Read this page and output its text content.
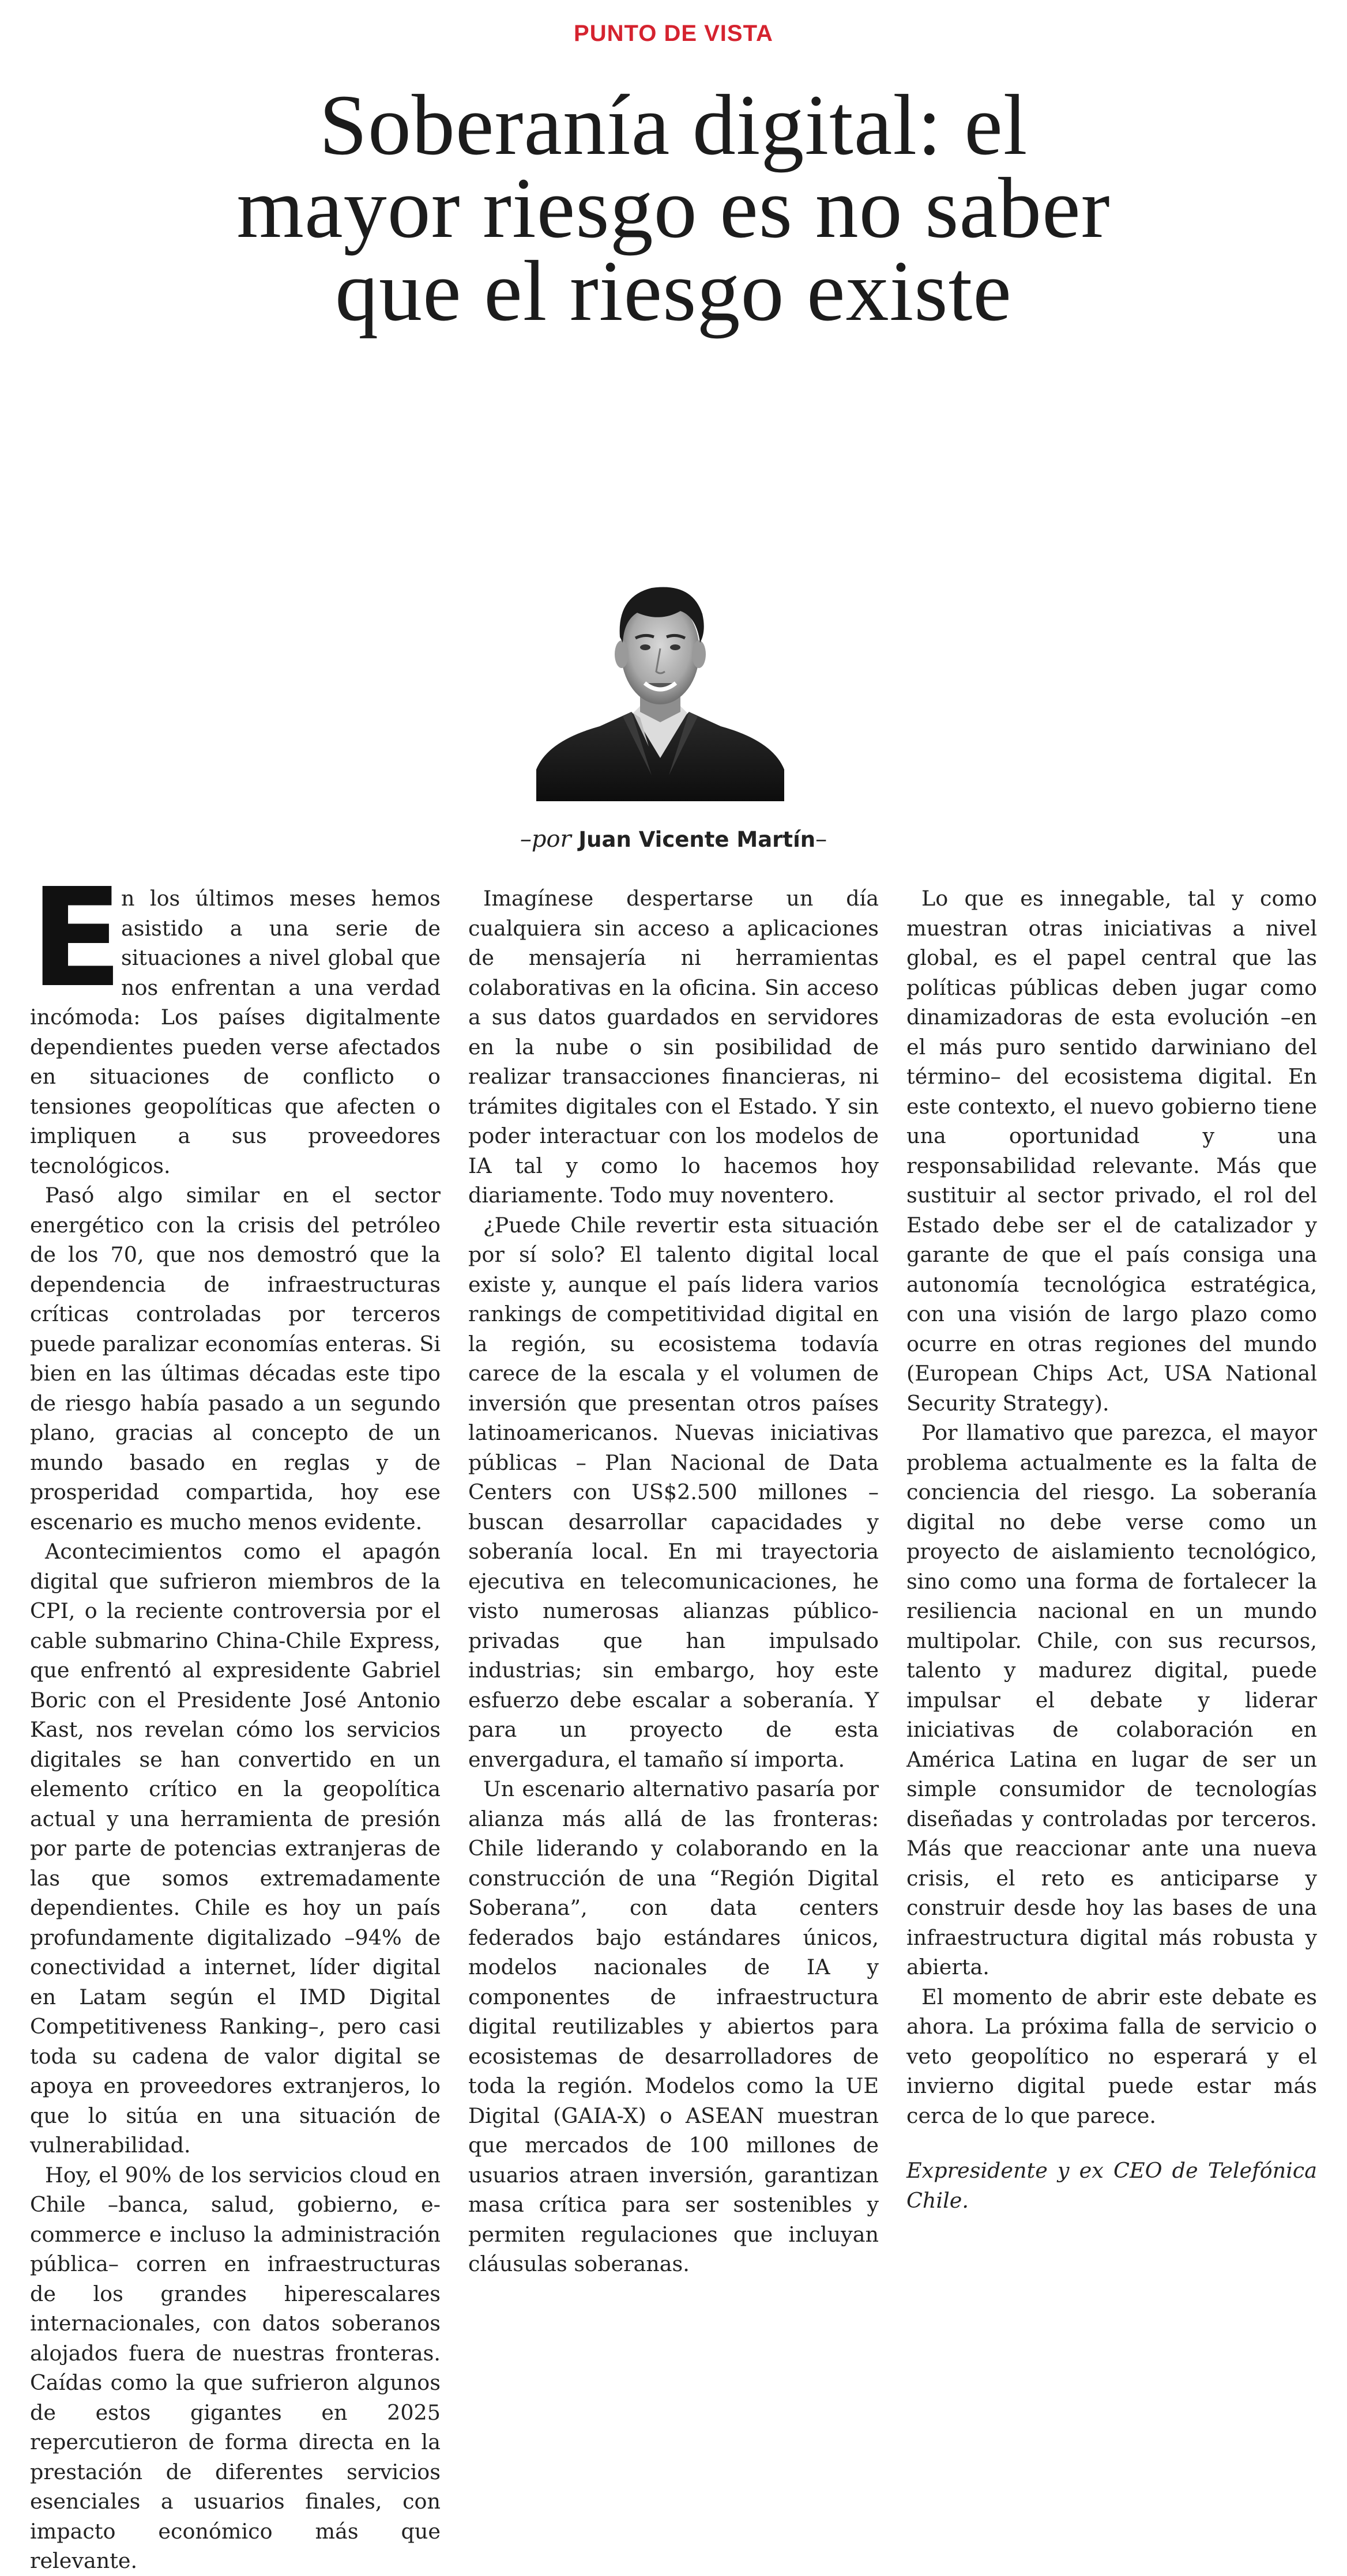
PUNTO DE VISTA
Soberanía digital: el mayor riesgo es no saber que el riesgo existe
–por Juan Vicente Martín–

E
n los últimos meses hemos asistido a una serie de situaciones a nivel global que nos enfrentan a una verdad incómoda: Los países digitalmente dependientes pueden verse afectados en situaciones de conflicto o tensiones geopolíticas que afecten o impliquen a sus proveedores tecnológicos.

Pasó algo similar en el sector energético con la crisis del petróleo de los 70, que nos demostró que la dependencia de infraestructuras críticas controladas por terceros puede paralizar economías enteras. Si bien en las últimas décadas este tipo de riesgo había pasado a un segundo plano, gracias al concepto de un mundo basado en reglas y de prosperidad compartida, hoy ese escenario es mucho menos evidente.

Acontecimientos como el apagón digital que sufrieron miembros de la CPI, o la reciente controversia por el cable submarino China-Chile Express, que enfrentó al expresidente Gabriel Boric con el Presidente José Antonio Kast, nos revelan cómo los servicios digitales se han convertido en un elemento crítico en la geopolítica actual y una herramienta de presión por parte de potencias extranjeras de las que somos extremadamente dependientes. Chile es hoy un país profundamente digitalizado –94% de conectividad a internet, líder digital en Latam según el IMD Digital Competitiveness Ranking–, pero casi toda su cadena de valor digital se apoya en proveedores extranjeros, lo que lo sitúa en una situación de vulnerabilidad.

Hoy, el 90% de los servicios cloud en Chile –banca, salud, gobierno, e-commerce e incluso la administración pública– corren en infraestructuras de los grandes hiperescalares internacionales, con datos soberanos alojados fuera de nuestras fronteras. Caídas como la que sufrieron algunos de estos gigantes en 2025 repercutieron de forma directa en la prestación de diferentes servicios esenciales a usuarios finales, con impacto económico más que relevante.

Imagínese despertarse un día cualquiera sin acceso a aplicaciones de mensajería ni herramientas colaborativas en la oficina. Sin acceso a sus datos guardados en servidores en la nube o sin posibilidad de realizar transacciones financieras, ni trámites digitales con el Estado. Y sin poder interactuar con los modelos de IA tal y como lo hacemos hoy diariamente. Todo muy noventero.

¿Puede Chile revertir esta situación por sí solo? El talento digital local existe y, aunque el país lidera varios rankings de competitividad digital en la región, su ecosistema todavía carece de la escala y el volumen de inversión que presentan otros países latinoamericanos. Nuevas iniciativas públicas – Plan Nacional de Data Centers con US$2.500 millones – buscan desarrollar capacidades y soberanía local. En mi trayectoria ejecutiva en telecomunicaciones, he visto numerosas alianzas público-privadas que han impulsado industrias; sin embargo, hoy este esfuerzo debe escalar a soberanía. Y para un proyecto de esta envergadura, el tamaño sí importa.

Un escenario alternativo pasaría por alianza más allá de las fronteras: Chile liderando y colaborando en la construcción de una “Región Digital Soberana”, con data centers federados bajo estándares únicos, modelos nacionales de IA y componentes de infraestructura digital reutilizables y abiertos para ecosistemas de desarrolladores de toda la región. Modelos como la UE Digital (GAIA-X) o ASEAN muestran que mercados de 100 millones de usuarios atraen inversión, garantizan masa crítica para ser sostenibles y permiten regulaciones que incluyan cláusulas soberanas.

Lo que es innegable, tal y como muestran otras iniciativas a nivel global, es el papel central que las políticas públicas deben jugar como dinamizadoras de esta evolución –en el más puro sentido darwiniano del término– del ecosistema digital. En este contexto, el nuevo gobierno tiene una oportunidad y una responsabilidad relevante. Más que sustituir al sector privado, el rol del Estado debe ser el de catalizador y garante de que el país consiga una autonomía tecnológica estratégica, con una visión de largo plazo como ocurre en otras regiones del mundo (European Chips Act, USA National Security Strategy).

Por llamativo que parezca, el mayor problema actualmente es la falta de conciencia del riesgo. La soberanía digital no debe verse como un proyecto de aislamiento tecnológico, sino como una forma de fortalecer la resiliencia nacional en un mundo multipolar. Chile, con sus recursos, talento y madurez digital, puede impulsar el debate y liderar iniciativas de colaboración en América Latina en lugar de ser un simple consumidor de tecnologías diseñadas y controladas por terceros. Más que reaccionar ante una nueva crisis, el reto es anticiparse y construir desde hoy las bases de una infraestructura digital más robusta y abierta.

El momento de abrir este debate es ahora. La próxima falla de servicio o veto geopolítico no esperará y el invierno digital puede estar más cerca de lo que parece.

Expresidente y ex CEO de Telefónica Chile.
